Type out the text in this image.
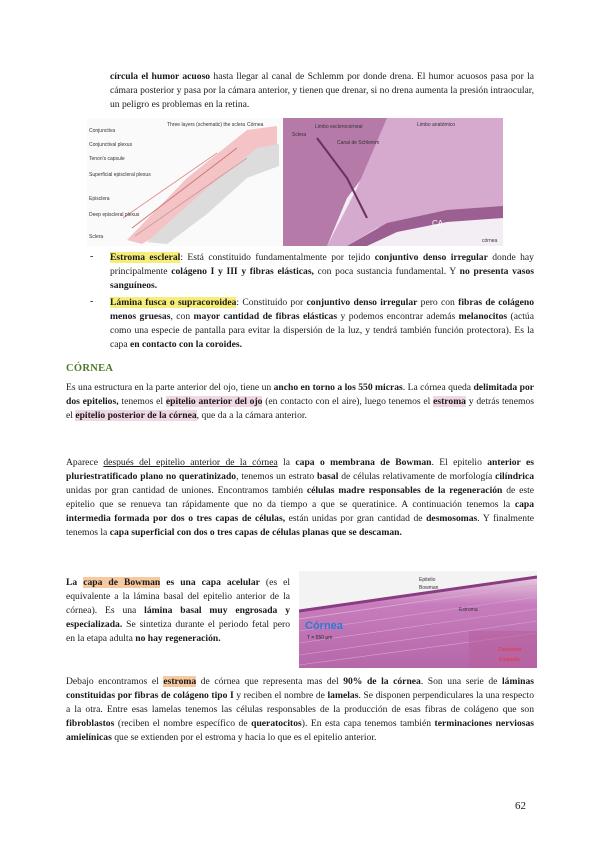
círcula el humor acuoso hasta llegar al canal de Schlemm por donde drena. El humor acuosos pasa por la cámara posterior y pasa por la cámara anterior, y tienen que drenar, si no drena aumenta la presión intraocular, un peligro es problemas en la retina.

Conjunctiva
Conjunctival plexus
Tenon's capsule
Superficial episcleral plexus
Episclera
Deep episcleral plexus
Sclera
Three layers (schematic) the sclera Córnea	Limbo esclerocorneal
Canal de Schlemm
Limbo anatómico
Sclera
CA
córnea
- Estroma escleral: Está constituido fundamentalmente por tejido conjuntivo denso irregular donde hay principalmente colágeno I y III y fibras elásticas, con poca sustancia fundamental. Y no presenta vasos sanguíneos.

- Lámina fusca o supracoroidea: Constituido por conjuntivo denso irregular pero con fibras de colágeno menos gruesas, con mayor cantidad de fibras elásticas y podemos encontrar además melanocitos (actúa como una especie de pantalla para evitar la dispersión de la luz, y tendrá también función protectora). Es la capa en contacto con la coroides.

CÓRNEA

Es una estructura en la parte anterior del ojo, tiene un ancho en torno a los 550 micras. La córnea queda delimitada por dos epitelios, tenemos el epitelio anterior del ojo (en contacto con el aire), luego tenemos el estroma y detrás tenemos el epitelio posterior de la córnea, que da a la cámara anterior.

Aparece después del epitelio anterior de la córnea la capa o membrana de Bowman. El epitelio anterior es pluriestratificado plano no queratinizado, tenemos un estrato basal de células relativamente de morfología cilíndrica unidas por gran cantidad de uniones. Encontramos también células madre responsables de la regeneración de este epitelio que se renueva tan rápidamente que no da tiempo a que se queratinice. A continuación tenemos la capa intermedia formada por dos o tres capas de células, están unidas por gran cantidad de desmosomas. Y finalmente tenemos la capa superficial con dos o tres capas de células planas que se descaman.

La capa de Bowman es una capa acelular (es el equivalente a la lámina basal del epitelio anterior de la córnea). Es una lámina basal muy engrosada y especializada. Se sintetiza durante el periodo fetal pero en la etapa adulta no hay regeneración.

Córnea
T = 550 μm
Epitelio
Bowman
Estroma
Descemet
Endotelio

Debajo encontramos el estroma de córnea que representa mas del 90% de la córnea. Son una serie de láminas constituidas por fibras de colágeno tipo I y reciben el nombre de lamelas. Se disponen perpendiculares la una respecto a la otra. Entre esas lamelas tenemos las células responsables de la producción de esas fibras de colágeno que son fibroblastos (reciben el nombre específico de queratocitos). En esta capa tenemos también terminaciones nerviosas amielínicas que se extienden por el estroma y hacia lo que es el epitelio anterior.

62
